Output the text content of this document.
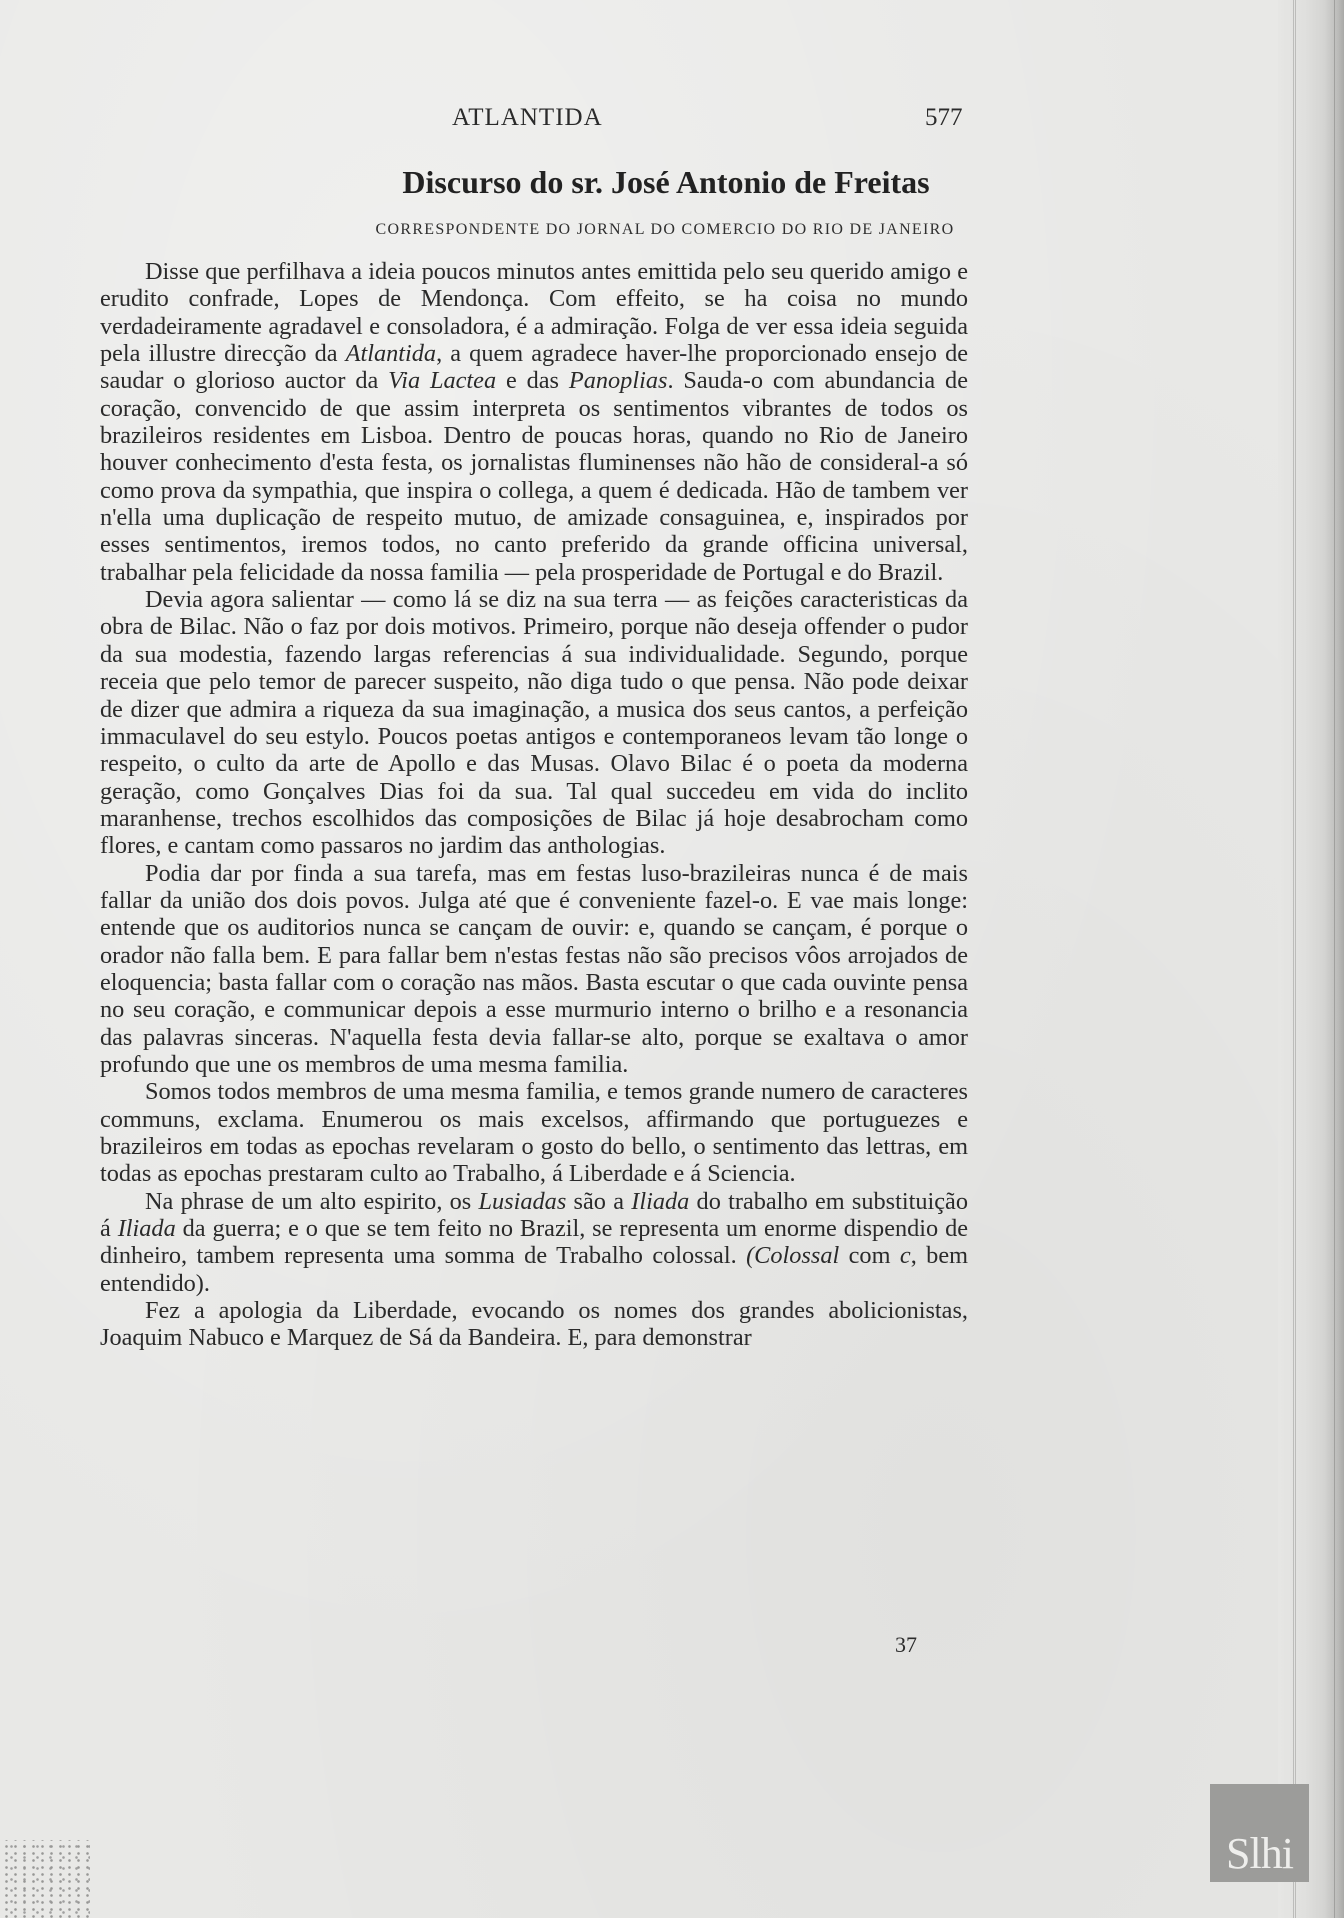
ATLANTIDA	577
Discurso do sr. José Antonio de Freitas
CORRESPONDENTE DO JORNAL DO COMERCIO DO RIO DE JANEIRO

Disse que perfilhava a ideia poucos minutos antes emittida pelo seu querido amigo e erudito confrade, Lopes de Mendonça. Com effeito, se ha coisa no mundo verdadeiramente agradavel e consoladora, é a admiração. Folga de ver essa ideia seguida pela illustre direcção da Atlantida, a quem agradece haver-lhe proporcionado ensejo de saudar o glorioso auctor da Via Lactea e das Panoplias. Sauda-o com abundancia de coração, convencido de que assim interpreta os sentimentos vibrantes de todos os brazileiros residentes em Lisboa. Dentro de poucas horas, quando no Rio de Janeiro houver conhecimento d'esta festa, os jornalistas fluminenses não hão de consideral-a só como prova da sympathia, que inspira o collega, a quem é dedicada. Hão de tambem ver n'ella uma duplicação de respeito mutuo, de amizade consaguinea, e, inspirados por esses sentimentos, iremos todos, no canto preferido da grande officina universal, trabalhar pela felicidade da nossa familia — pela prosperidade de Portugal e do Brazil.

Devia agora salientar — como lá se diz na sua terra — as feições caracteristicas da obra de Bilac. Não o faz por dois motivos. Primeiro, porque não deseja offender o pudor da sua modestia, fazendo largas referencias á sua individualidade. Segundo, porque receia que pelo temor de parecer suspeito, não diga tudo o que pensa. Não pode deixar de dizer que admira a riqueza da sua imaginação, a musica dos seus cantos, a perfeição immaculavel do seu estylo. Poucos poetas antigos e contemporaneos levam tão longe o respeito, o culto da arte de Apollo e das Musas. Olavo Bilac é o poeta da moderna geração, como Gonçalves Dias foi da sua. Tal qual succedeu em vida do inclito maranhense, trechos escolhidos das composições de Bilac já hoje desabrocham como flores, e cantam como passaros no jardim das anthologias.

Podia dar por finda a sua tarefa, mas em festas luso-brazileiras nunca é de mais fallar da união dos dois povos. Julga até que é conveniente fazel-o. E vae mais longe: entende que os auditorios nunca se cançam de ouvir: e, quando se cançam, é porque o orador não falla bem. E para fallar bem n'estas festas não são precisos vôos arrojados de eloquencia; basta fallar com o coração nas mãos. Basta escutar o que cada ouvinte pensa no seu coração, e communicar depois a esse murmurio interno o brilho e a resonancia das palavras sinceras. N'aquella festa devia fallar-se alto, porque se exaltava o amor profundo que une os membros de uma mesma familia.

Somos todos membros de uma mesma familia, e temos grande numero de caracteres communs, exclama. Enumerou os mais excelsos, affirmando que portuguezes e brazileiros em todas as epochas revelaram o gosto do bello, o sentimento das lettras, em todas as epochas prestaram culto ao Trabalho, á Liberdade e á Sciencia.

Na phrase de um alto espirito, os Lusiadas são a Iliada do trabalho em substituição á Iliada da guerra; e o que se tem feito no Brazil, se representa um enorme dispendio de dinheiro, tambem representa uma somma de Trabalho colossal. (Colossal com c, bem entendido).

Fez a apologia da Liberdade, evocando os nomes dos grandes abolicionistas, Joaquim Nabuco e Marquez de Sá da Bandeira. E, para demonstrar

37
Slhi
